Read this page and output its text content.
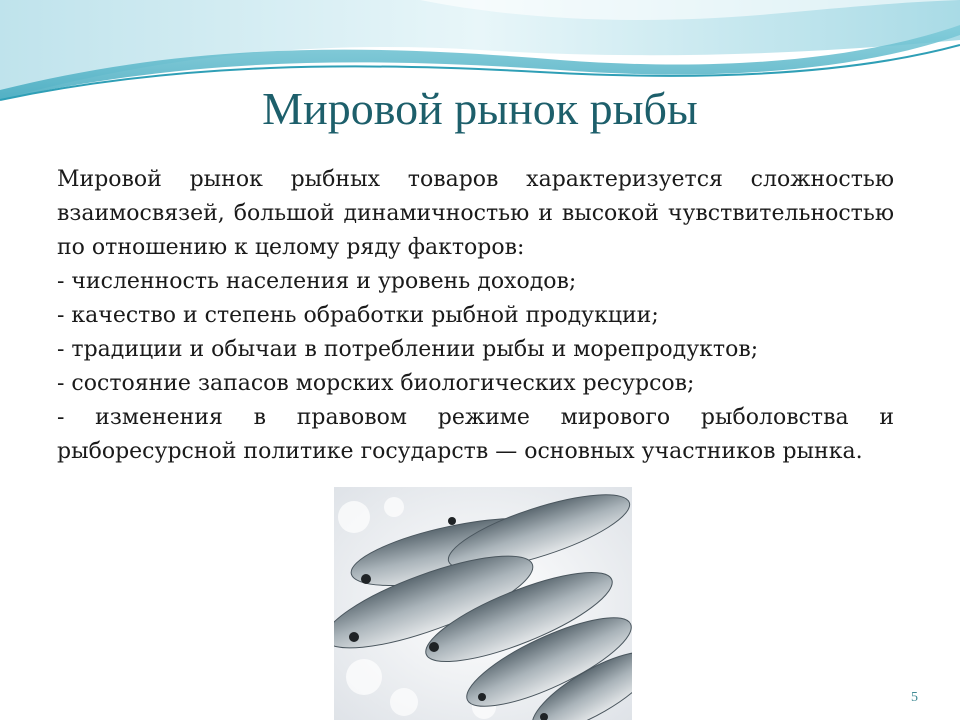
Мировой рынок рыбы

Мировой рынок рыбных товаров характеризуется сложностью взаимосвязей, большой динамичностью и высокой чувствительностью по отношению к целому ряду факторов:

- численность населения и уровень доходов;

- качество и степень обработки рыбной продукции;

- традиции и обычаи в потреблении рыбы и морепродуктов;

- состояние запасов морских биологических ресурсов;

- изменения в правовом режиме мирового рыболовства и рыборесурсной политике государств — основных участников рынка.

5
